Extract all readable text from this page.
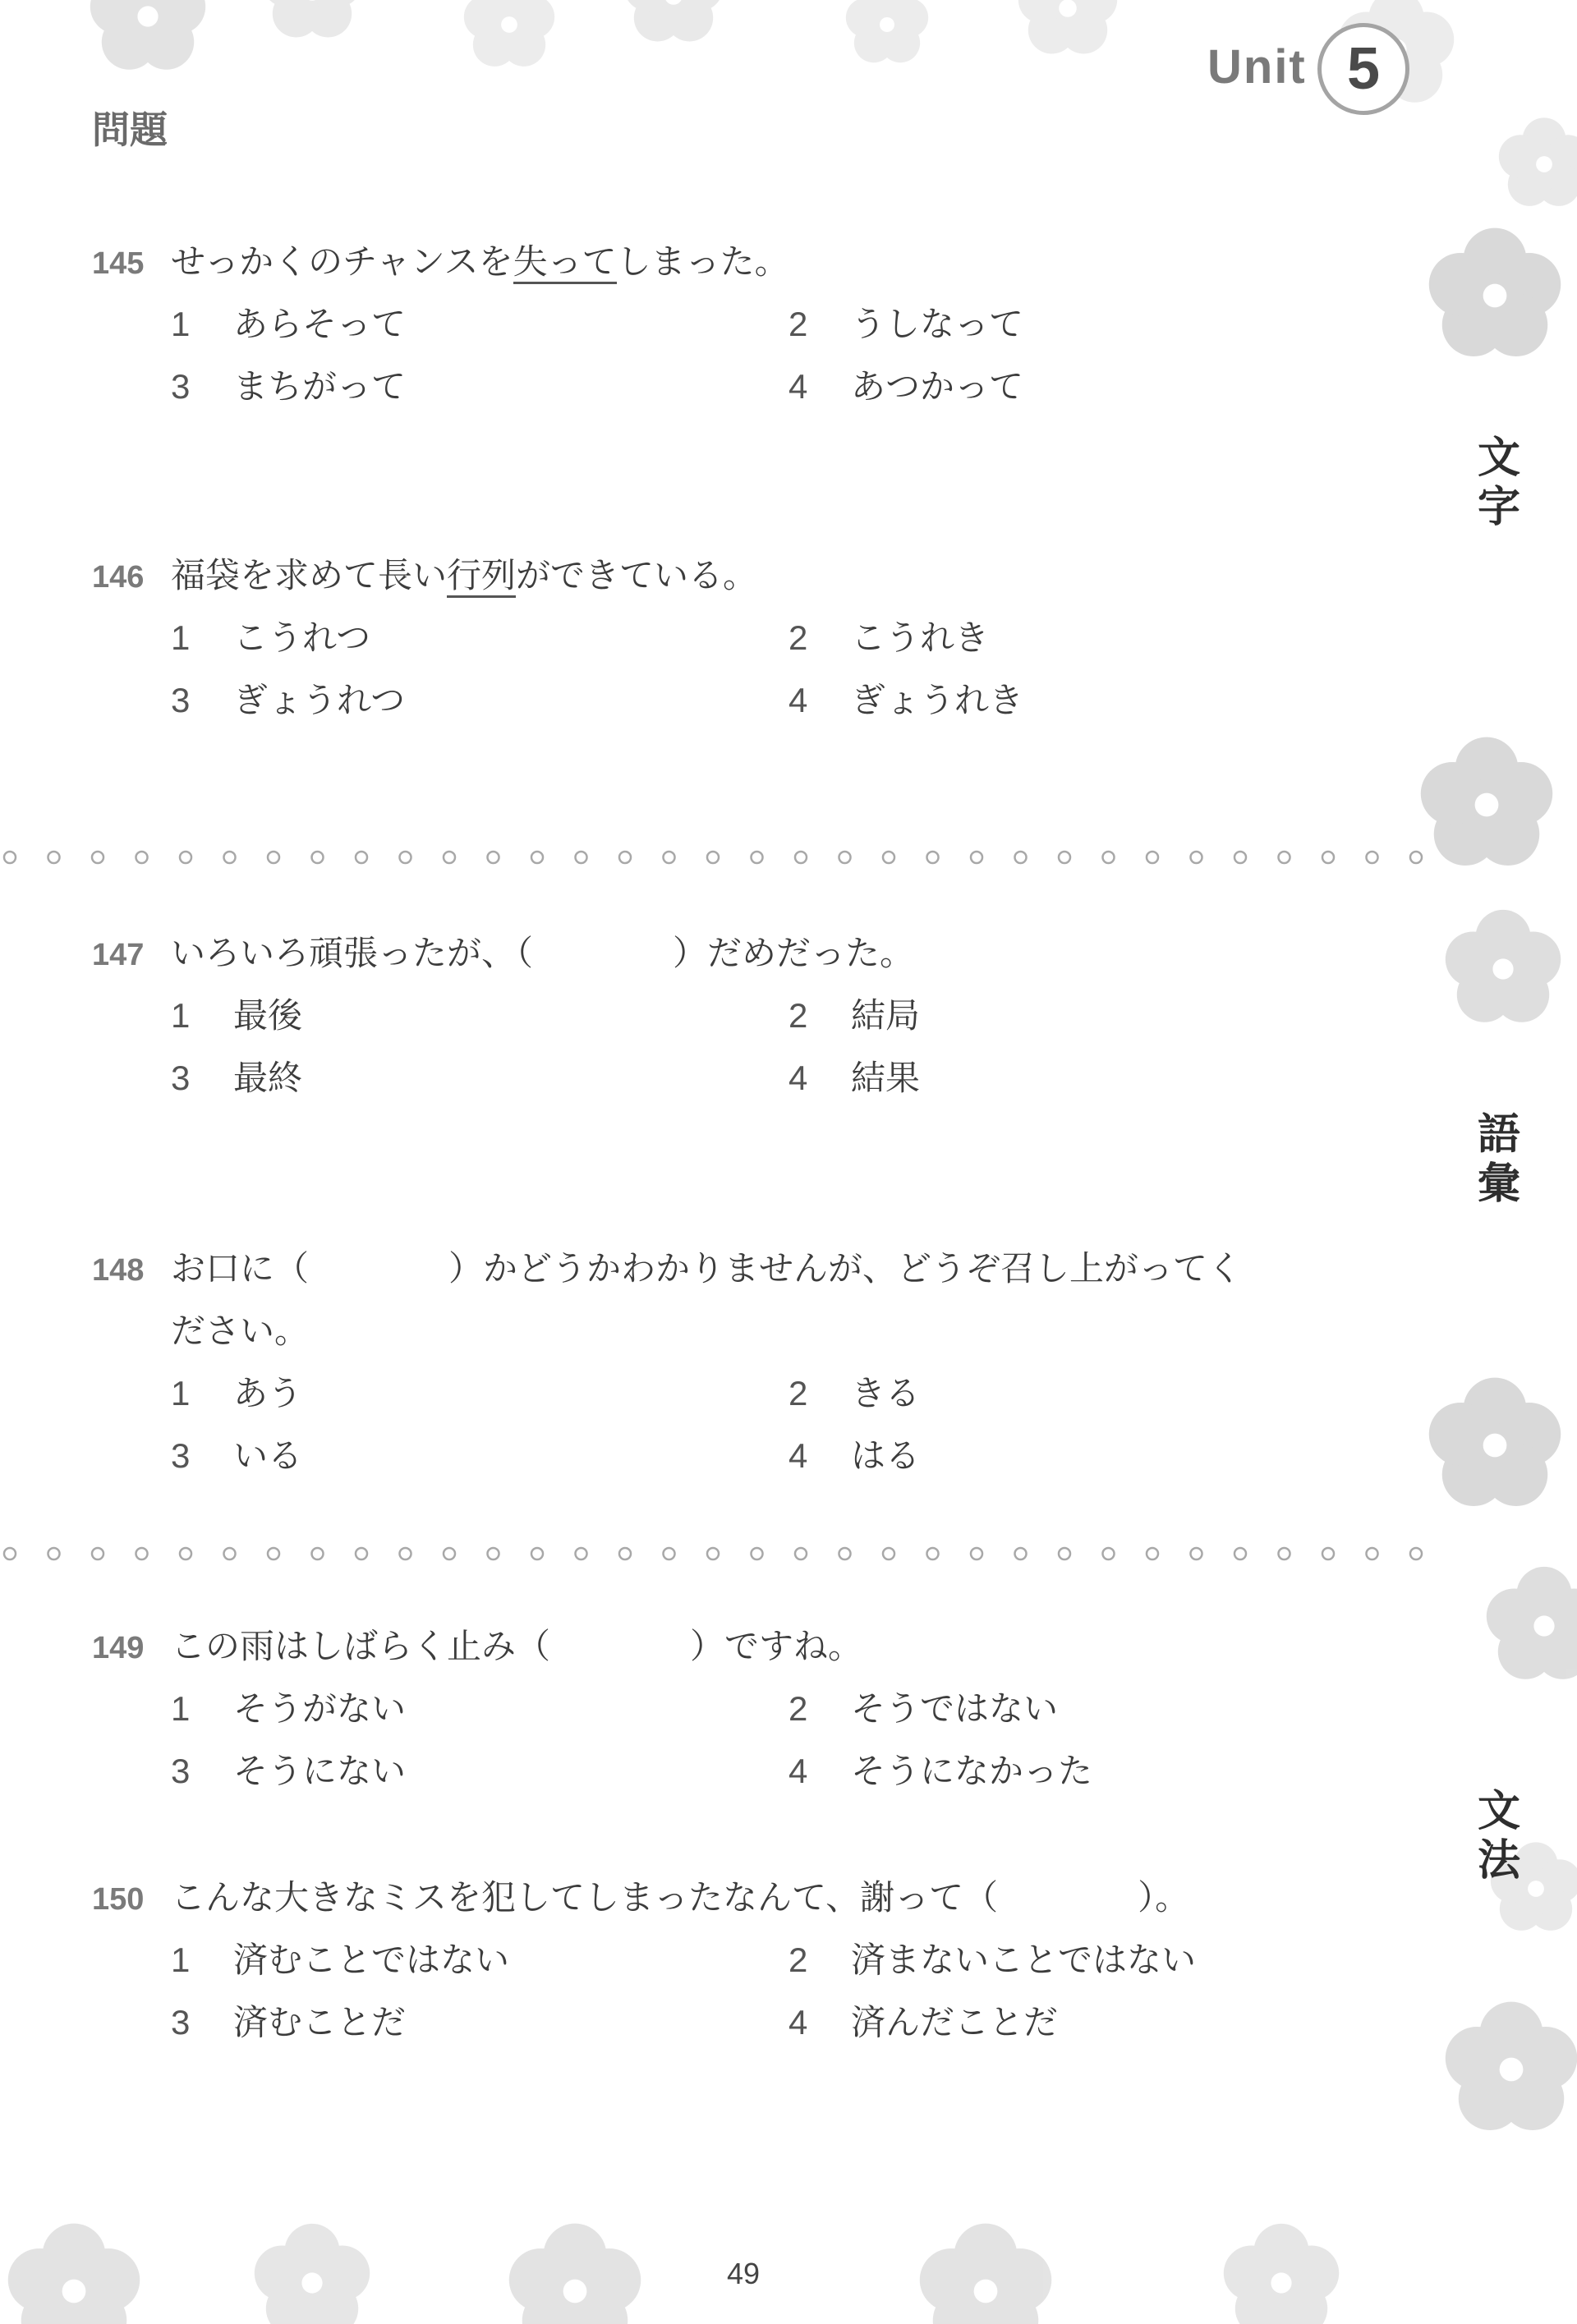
Unit 5
問題
145 せっかくのチャンスを失ってしまった。
1 あらそって	2 うしなって
3 まちがって	4 あつかって
146 福袋を求めて長い行列ができている。
1 こうれつ	2 こうれき
3 ぎょうれつ	4 ぎょうれき
147 いろいろ頑張ったが、（	）だめだった。
1 最後	2 結局
3 最終	4 結果
148 お口に（	）かどうかわかりませんが、どうぞ召し上がってく
ださい。
1 あう	2 きる
3 いる	4 はる
149 この雨はしばらく止み（	）ですね。
1 そうがない	2 そうではない
3 そうにない	4 そうになかった
150 こんな大きなミスを犯してしまったなんて、謝って（	）。
1 済むことではない	2 済まないことではない
3 済むことだ	4 済んだことだ
文
字
語
彙
文
法
49
